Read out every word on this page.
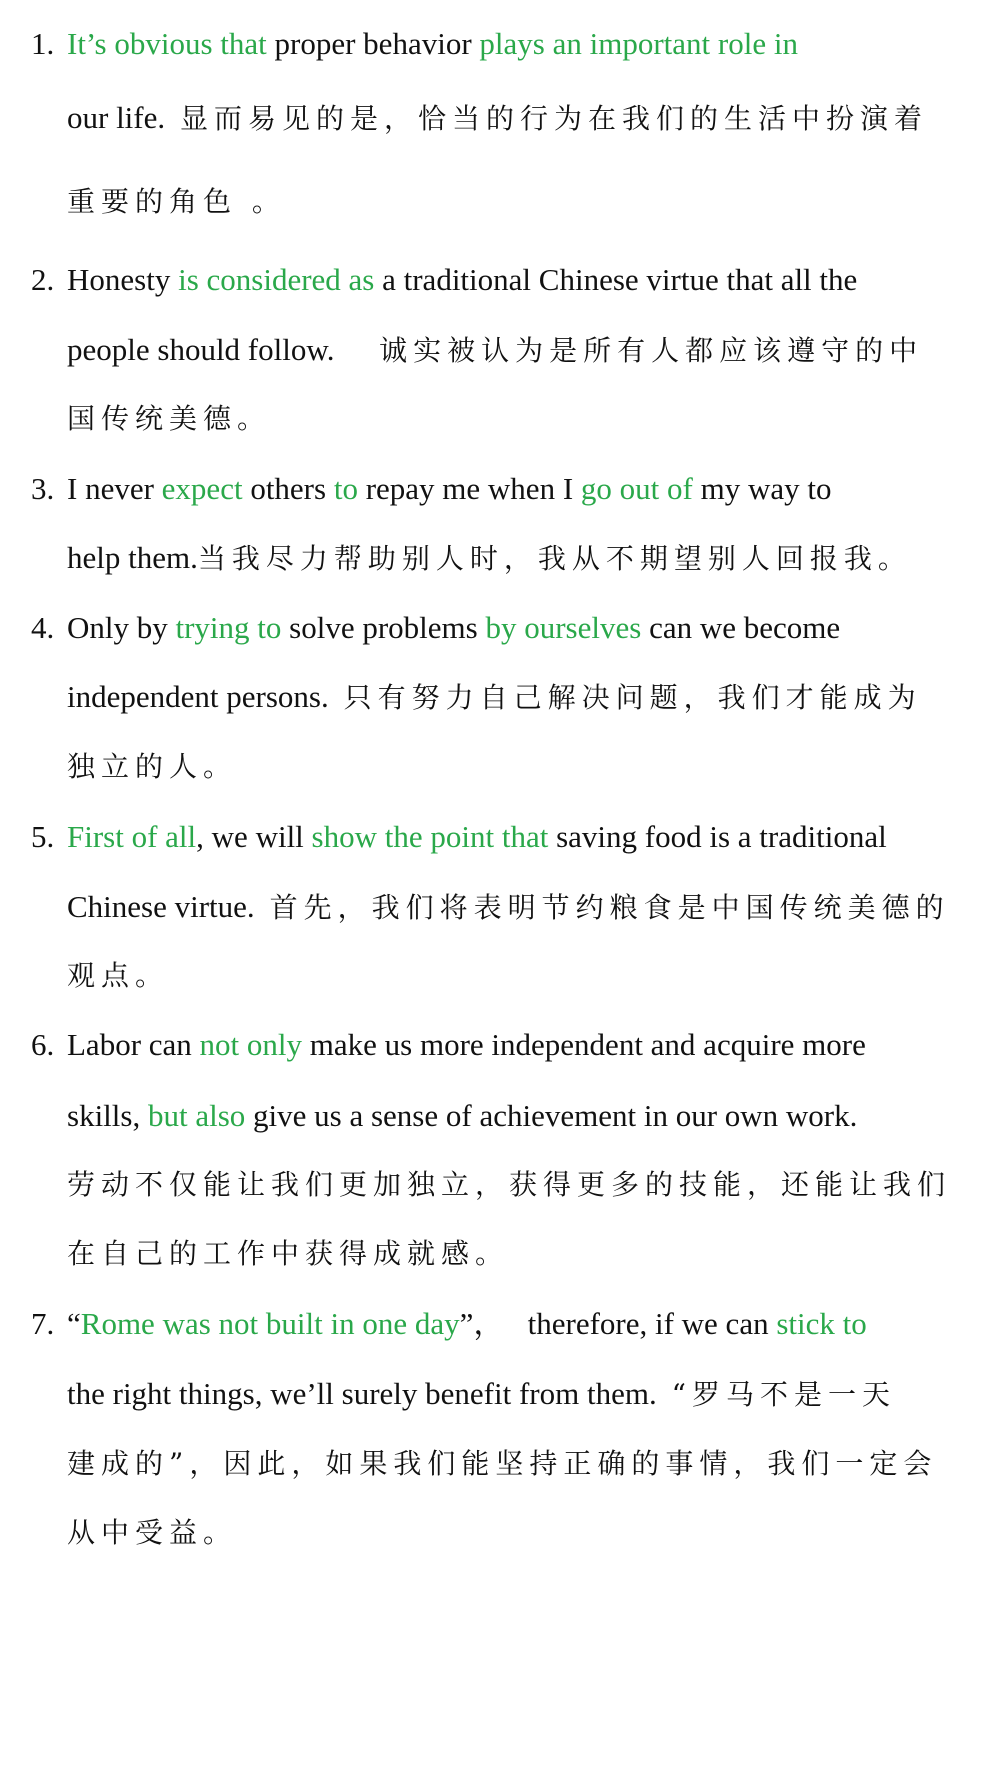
1. It’s obvious that proper behavior plays an important role in
our life. 显而易见的是，恰当的行为在我们的生活中扮演着
重要的角色 。
2. Honesty is considered as a traditional Chinese virtue that all the
people should follow.   诚实被认为是所有人都应该遵守的中
国传统美德。
3. I never expect others to repay me when I go out of my way to
help them.当我尽力帮助别人时，我从不期望别人回报我。
4. Only by trying to solve problems by ourselves can we become
independent persons. 只有努力自己解决问题，我们才能成为
独立的人。
5. First of all, we will show the point that saving food is a traditional
Chinese virtue. 首先，我们将表明节约粮食是中国传统美德的
观点。
6. Labor can not only make us more independent and acquire more
skills, but also give us a sense of achievement in our own work.
劳动不仅能让我们更加独立，获得更多的技能，还能让我们
在自己的工作中获得成就感。
7. “Rome was not built in one day”，   therefore, if we can stick to
the right things, we’ll surely benefit from them. “罗马不是一天
建成的”，因此，如果我们能坚持正确的事情，我们一定会
从中受益。
